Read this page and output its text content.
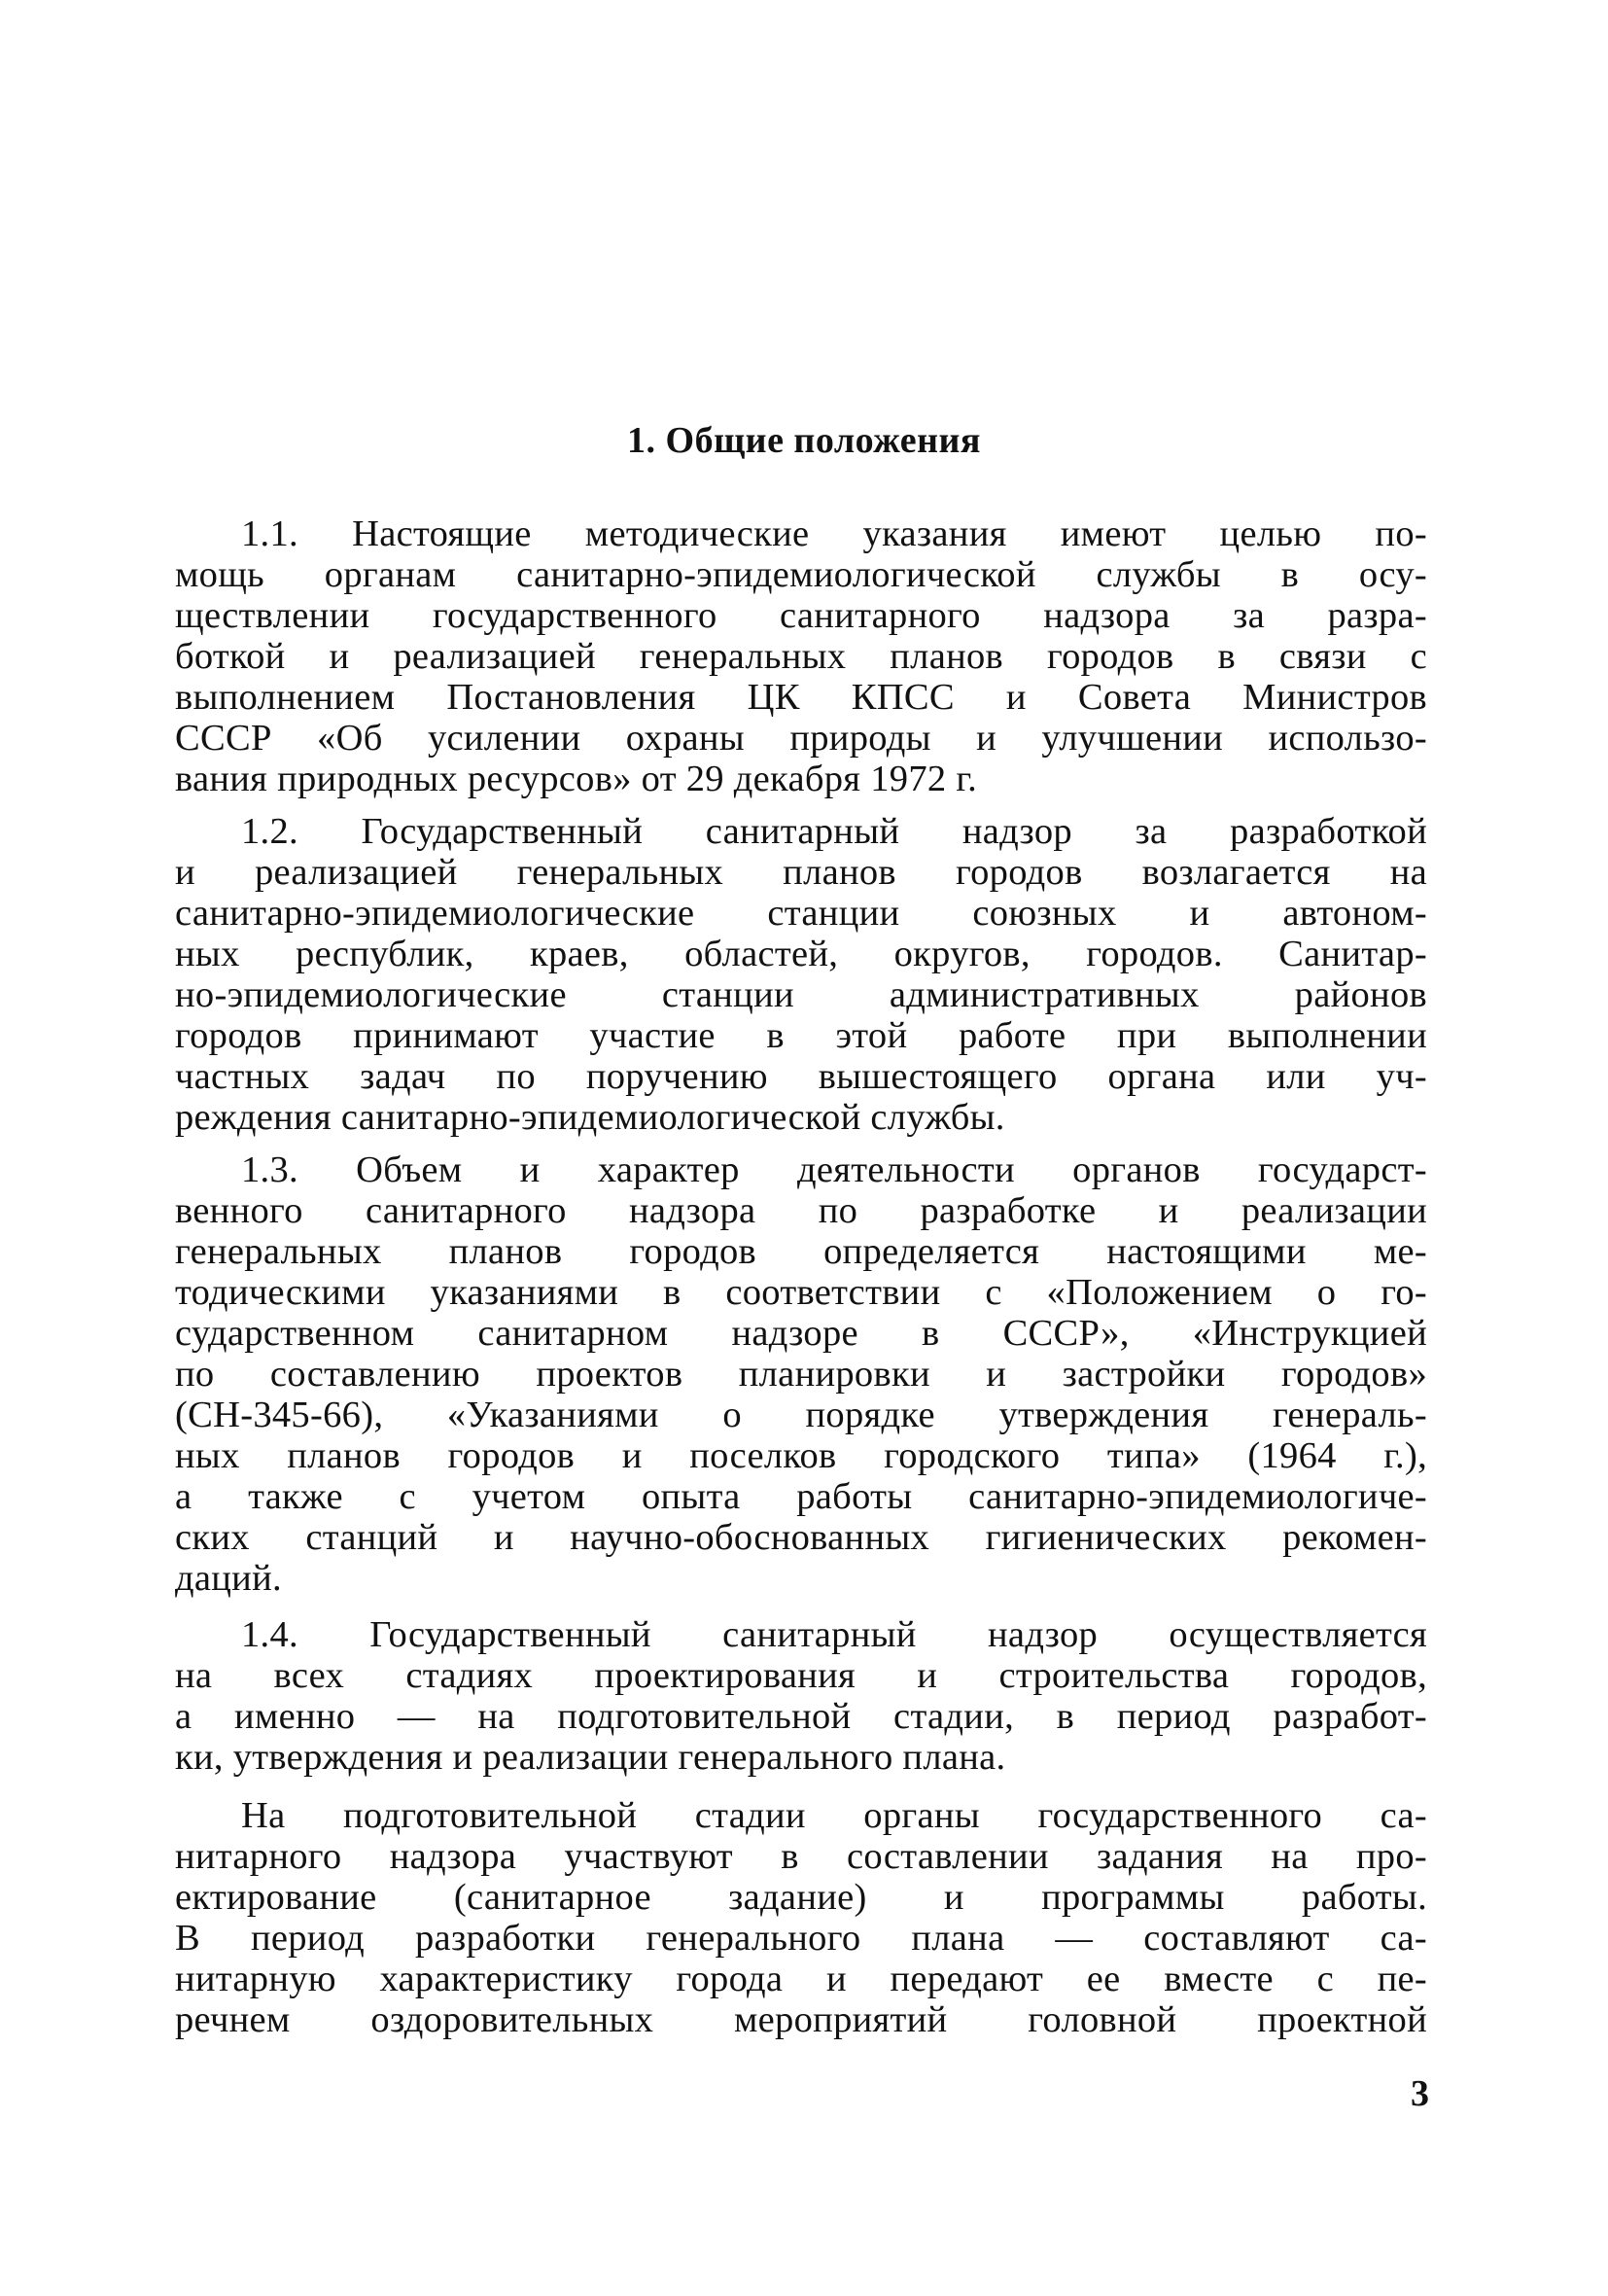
1. Общие положения
1.1. Настоящие методические указания имеют целью по-
мощь органам санитарно-эпидемиологической службы в осу-
ществлении государственного санитарного надзора за разра-
боткой и реализацией генеральных планов городов в связи с
выполнением Постановления ЦК КПСС и Совета Министров
СССР «Об усилении охраны природы и улучшении использо-
вания природных ресурсов» от 29 декабря 1972 г.
1.2. Государственный санитарный надзор за разработкой
и реализацией генеральных планов городов возлагается на
санитарно-эпидемиологические станции союзных и автоном-
ных республик, краев, областей, округов, городов. Санитар-
но-эпидемиологические станции административных районов
городов принимают участие в этой работе при выполнении
частных задач по поручению вышестоящего органа или уч-
реждения санитарно-эпидемиологической службы.
1.3. Объем и характер деятельности органов государст-
венного санитарного надзора по разработке и реализации
генеральных планов городов определяется настоящими ме-
тодическими указаниями в соответствии с «Положением о го-
сударственном санитарном надзоре в СССР», «Инструкцией
по составлению проектов планировки и застройки городов»
(СН-345-66), «Указаниями о порядке утверждения генераль-
ных планов городов и поселков городского типа» (1964 г.),
а также с учетом опыта работы санитарно-эпидемиологиче-
ских станций и научно-обоснованных гигиенических рекомен-
даций.
1.4. Государственный санитарный надзор осуществляется
на всех стадиях проектирования и строительства городов,
а именно — на подготовительной стадии, в период разработ-
ки, утверждения и реализации генерального плана.
На подготовительной стадии органы государственного са-
нитарного надзора участвуют в составлении задания на про-
ектирование (санитарное задание) и программы работы.
В период разработки генерального плана — составляют са-
нитарную характеристику города и передают ее вместе с пе-
речнем оздоровительных мероприятий головной проектной
3
